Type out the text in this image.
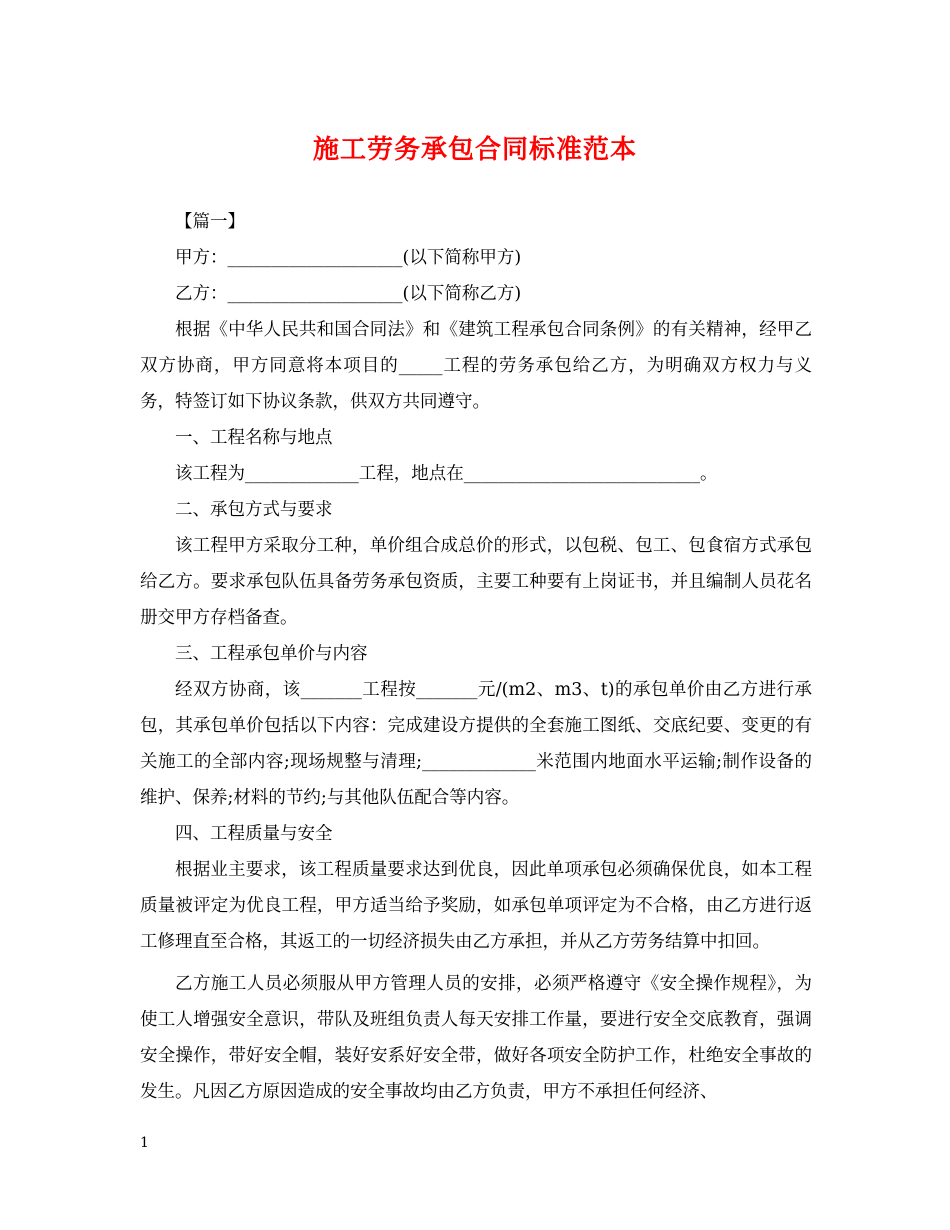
施工劳务承包合同标准范本

【篇一】

甲方：____________________(以下简称甲方)

乙方：____________________(以下简称乙方)

根据《中华人民共和国合同法》和《建筑工程承包合同条例》的有关精神，经甲乙双方协商，甲方同意将本项目的_____工程的劳务承包给乙方，为明确双方权力与义务，特签订如下协议条款，供双方共同遵守。

一、工程名称与地点

该工程为_____________工程，地点在___________________________。

二、承包方式与要求

该工程甲方采取分工种，单价组合成总价的形式，以包税、包工、包食宿方式承包给乙方。要求承包队伍具备劳务承包资质，主要工种要有上岗证书，并且编制人员花名册交甲方存档备查。

三、工程承包单价与内容

经双方协商，该_______工程按_______元/(m2、m3、t)的承包单价由乙方进行承包，其承包单价包括以下内容：完成建设方提供的全套施工图纸、交底纪要、变更的有关施工的全部内容;现场规整与清理;_____________米范围内地面水平运输;制作设备的维护、保养;材料的节约;与其他队伍配合等内容。

四、工程质量与安全

根据业主要求，该工程质量要求达到优良，因此单项承包必须确保优良，如本工程质量被评定为优良工程，甲方适当给予奖励，如承包单项评定为不合格，由乙方进行返工修理直至合格，其返工的一切经济损失由乙方承担，并从乙方劳务结算中扣回。

乙方施工人员必须服从甲方管理人员的安排，必须严格遵守《安全操作规程》，为使工人增强安全意识，带队及班组负责人每天安排工作量，要进行安全交底教育，强调安全操作，带好安全帽，装好安系好安全带，做好各项安全防护工作，杜绝安全事故的发生。凡因乙方原因造成的安全事故均由乙方负责，甲方不承担任何经济、

1
